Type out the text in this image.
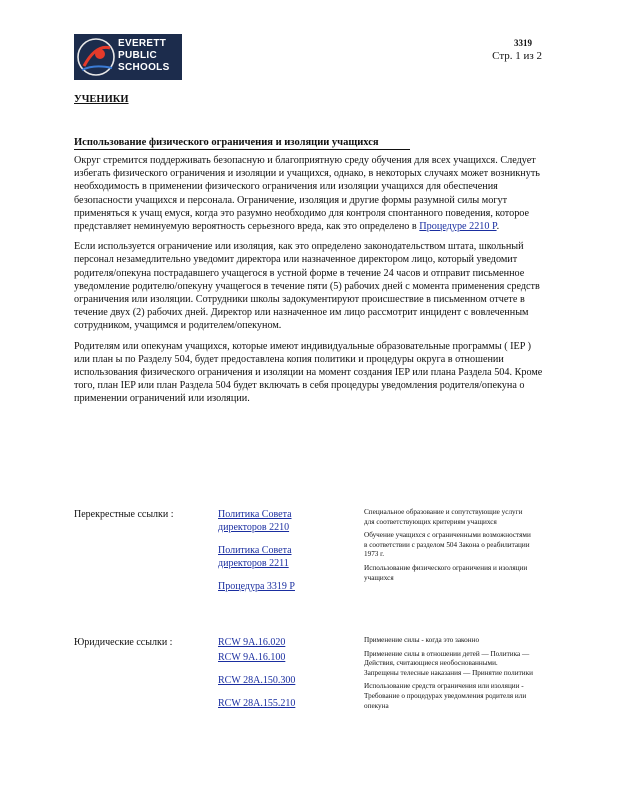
EVERETT
PUBLIC
SCHOOLS
3319
Стр. 1 из 2
УЧЕНИКИ
Использование физического ограничения и изоляции учащихся

Округ стремится поддерживать безопасную и благоприятную среду обучения для всех учащихся. Следует избегать физического ограничения и изоляции и учащихся, однако, в некоторых случаях может возникнуть необходимость в применении физического ограничения или изоляции учащихся для обеспечения безопасности учащихся и персонала. Ограничение, изоляция и другие формы разумной силы могут применяться к учащ емуся, когда это разумно необходимо для контроля спонтанного поведения, которое представляет неминуемую вероятность серьезного вреда, как это определено в Процедуре 2210 P.

Если используется ограничение или изоляция, как это определено законодательством штата, школьный персонал незамедлительно уведомит директора или назначенное директором лицо, который уведомит родителя/опекуна пострадавшего учащегося в устной форме в течение 24 часов и отправит письменное уведомление родителю/опекуну учащегося в течение пяти (5) рабочих дней с момента применения средств ограничения или изоляции. Сотрудники школы задокументируют происшествие в письменном отчете в течение двух (2) рабочих дней. Директор или назначенное им лицо рассмотрит инцидент с вовлеченным сотрудником, учащимся и родителем/опекуном.

Родителям или опекунам учащихся, которые имеют индивидуальные образовательные программы ( IEP ) или план ы по Разделу 504, будет предоставлена копия политики и процедуры округа в отношении использования физического ограничения и изоляции на момент создания IEP или плана Раздела 504. Кроме того, план IEP или план Раздела 504 будет включать в себя процедуры уведомления родителя/опекуна о применении ограничений или изоляции.

Перекрестные ссылки :	Политика Совета директоров 2210
Политика Совета директоров 2211
Процедура 3319 P
Специальное образование и сопутствующие услуги для соответствующих критериям учащихся
Обучение учащихся с ограниченными возможностями в соответствии с разделом 504 Закона о реабилитации 1973 г.
Использование физического ограничения и изоляции учащихся
Юридические ссылки :	RCW 9A.16.020
RCW 9A.16.100
RCW 28A.150.300
RCW 28A.155.210
Применение силы - когда это законно
Применение силы в отношении детей — Политика — Действия, считающиеся необоснованными. Запрещены телесные наказания — Принятие политики
Использование средств ограничения или изоляции - Требование о процедурах уведомления родителя или опекуна
